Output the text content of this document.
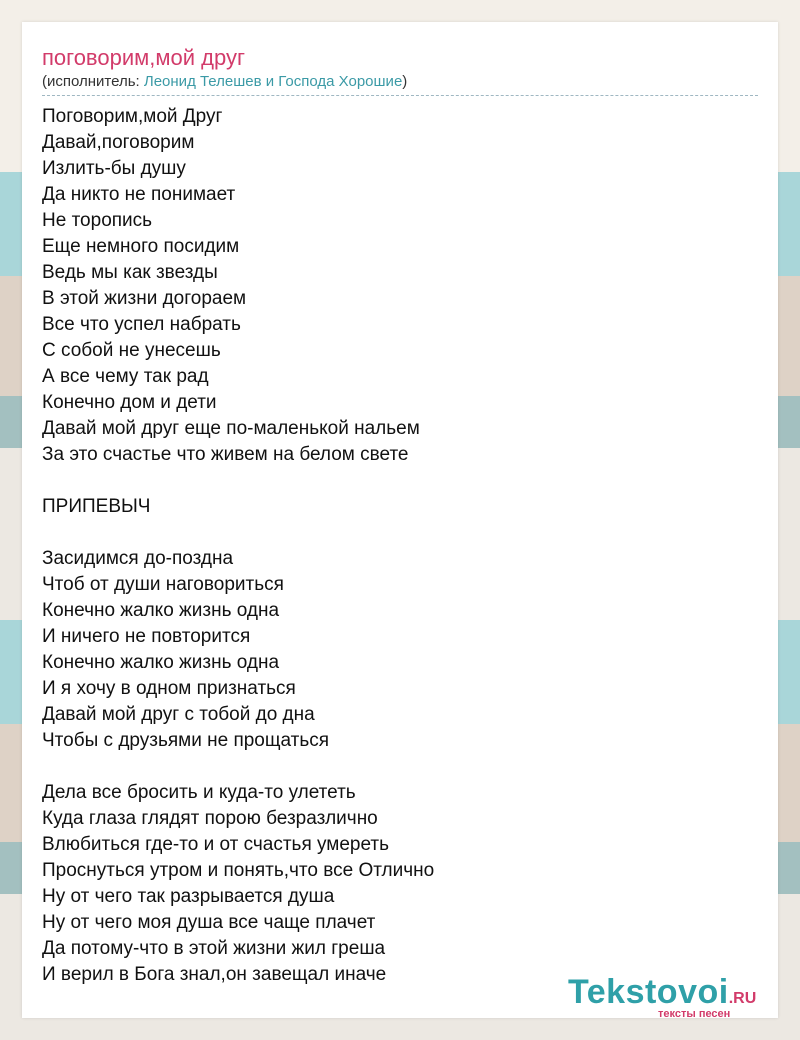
поговорим,мой друг
(исполнитель: Леонид Телешев и Господа Хорошие)
Поговорим,мой Друг
Давай,поговорим
Излить-бы душу
Да никто не понимает
Не торопись
Еще немного посидим
Ведь мы как звезды
В этой жизни догораем
Все что успел набрать
С собой не унесешь
А все чему так рад
Конечно дом и дети
Давай мой друг еще по-маленькой нальем
За это счастье что живем на белом свете
ПРИПЕВЫЧ
Засидимся до-поздна
Чтоб от души наговориться
Конечно жалко жизнь одна
И ничего не повторится
Конечно жалко жизнь одна
И я хочу в одном признаться
Давай мой друг с тобой до дна
Чтобы с друзьями не прощаться
Дела все бросить и куда-то улететь
Куда глаза глядят порою безразлично
Влюбиться где-то и от счастья умереть
Проснуться утром и понять,что все Отлично
Ну от чего так разрывается душа
Ну от чего моя душа все чаще плачет
Да потому-что в этой жизни жил греша
И верил в Бога знал,он завещал иначе	Tekstovoi.RU
тексты песен
